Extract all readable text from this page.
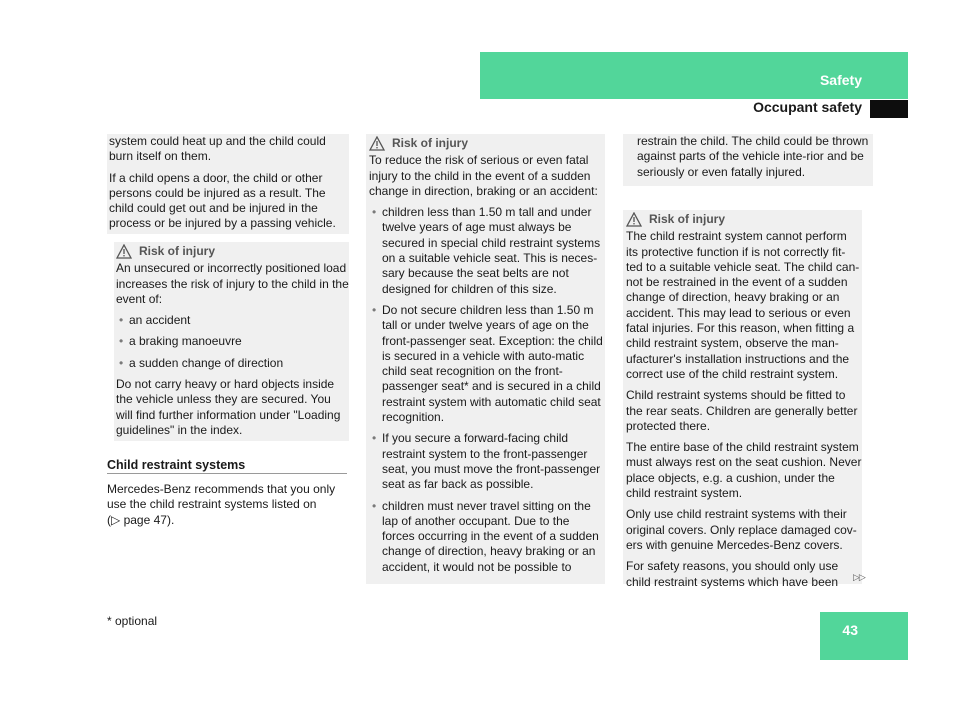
Safety
Occupant safety

system could heat up and the child could burn itself on them.

If a child opens a door, the child or other persons could be injured as a result. The child could get out and be injured in the process or be injured by a passing vehicle.

Risk of injury

An unsecured or incorrectly positioned load increases the risk of injury to the child in the event of:

• an accident
• a braking manoeuvre
• a sudden change of direction

Do not carry heavy or hard objects inside the vehicle unless they are secured. You will find further information under "Loading guidelines" in the index.

Child restraint systems
Mercedes-Benz recommends that you only use the child restraint systems listed on
(▷ page 47).
Risk of injury

To reduce the risk of serious or even fatal injury to the child in the event of a sudden change in direction, braking or an accident:

• children less than 1.50 m tall and under twelve years of age must always be secured in special child restraint systems on a suitable vehicle seat. This is neces-sary because the seat belts are not designed for children of this size.
• Do not secure children less than 1.50 m tall or under twelve years of age on the front-passenger seat. Exception: the child is secured in a vehicle with auto-matic child seat recognition on the front-passenger seat* and is secured in a child restraint system with automatic child seat recognition.
• If you secure a forward-facing child restraint system to the front-passenger seat, you must move the front-passenger seat as far back as possible.
• children must never travel sitting on the lap of another occupant. Due to the forces occurring in the event of a sudden change of direction, heavy braking or an accident, it would not be possible to

restrain the child. The child could be thrown against parts of the vehicle inte-rior and be seriously or even fatally injured.

Risk of injury

The child restraint system cannot perform its protective function if is not correctly fit-ted to a suitable vehicle seat. The child can-not be restrained in the event of a sudden change of direction, heavy braking or an accident. This may lead to serious or even fatal injuries. For this reason, when fitting a child restraint system, observe the man-ufacturer's installation instructions and the correct use of the child restraint system.

Child restraint systems should be fitted to the rear seats. Children are generally better protected there.

The entire base of the child restraint system must always rest on the seat cushion. Never place objects, e.g. a cushion, under the child restraint system.

Only use child restraint systems with their original covers. Only replace damaged cov-ers with genuine Mercedes-Benz covers.

For safety reasons, you should only use child restraint systems which have been	▷▷
* optional
43
